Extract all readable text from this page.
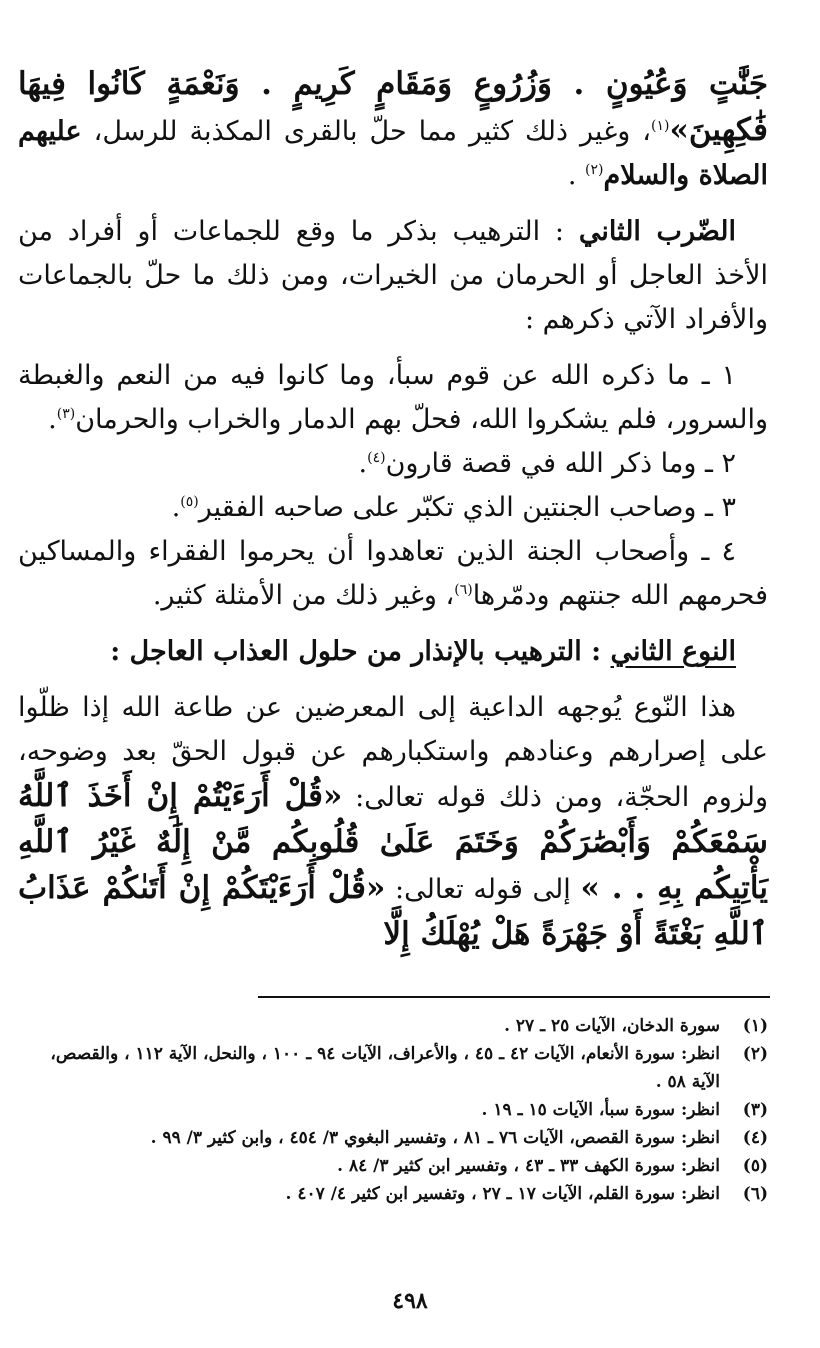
جَنَّٰتٍ وَعُيُونٍ . وَزُرُوعٍ وَمَقَامٍ كَرِيمٍ . وَنَعْمَةٍ كَانُوا فِيهَا فَٰكِهِينَ»$^{(١)}$، وغير ذلك كثير مما حلّ بالقرى المكذبة للرسل، عليهم الصلاة والسلام$^{(٢)}$ .

الضّرب الثاني : الترهيب بذكر ما وقع للجماعات أو أفراد من الأخذ العاجل أو الحرمان من الخيرات، ومن ذلك ما حلّ بالجماعات والأفراد الآتي ذكرهم :

١ ـ ما ذكره الله عن قوم سبأ، وما كانوا فيه من النعم والغبطة والسرور، فلم يشكروا الله، فحلّ بهم الدمار والخراب والحرمان$^{(٣)}$.

٢ ـ وما ذكر الله في قصة قارون$^{(٤)}$.

٣ ـ وصاحب الجنتين الذي تكبّر على صاحبه الفقير$^{(٥)}$.

٤ ـ وأصحاب الجنة الذين تعاهدوا أن يحرموا الفقراء والمساكين فحرمهم الله جنتهم ودمّرها$^{(٦)}$، وغير ذلك من الأمثلة كثير.

النوع الثاني : الترهيب بالإنذار من حلول العذاب العاجل :

هذا النّوع يُوجهه الداعية إلى المعرضين عن طاعة الله إذا ظلّوا على إصرارهم وعنادهم واستكبارهم عن قبول الحقّ بعد وضوحه، ولزوم الحجّة، ومن ذلك قوله تعالى: «قُلْ أَرَءَيْتُمْ إِنْ أَخَذَ ٱللَّهُ سَمْعَكُمْ وَأَبْصَٰرَكُمْ وَخَتَمَ عَلَىٰ قُلُوبِكُم مَّنْ إِلَٰهٌ غَيْرُ ٱللَّهِ يَأْتِيكُم بِهِ . . » إلى قوله تعالى: «قُلْ أَرَءَيْتَكُمْ إِنْ أَتَىٰكُمْ عَذَابُ ٱللَّهِ بَغْتَةً أَوْ جَهْرَةً هَلْ يُهْلَكُ إِلَّا

(١)
سورة الدخان، الآيات ٢٥ ـ ٢٧ .
(٢)
انظر: سورة الأنعام، الآيات ٤٢ ـ ٤٥ ، والأعراف، الآيات ٩٤ ـ ١٠٠ ، والنحل، الآية ١١٢ ، والقصص، الآية ٥٨ .
(٣)
انظر: سورة سبأ، الآيات ١٥ ـ ١٩ .
(٤)
انظر: سورة القصص، الآيات ٧٦ ـ ٨١ ، وتفسير البغوي ٣/ ٤٥٤ ، وابن كثير ٣/ ٩٩ .
(٥)
انظر: سورة الكهف ٣٣ ـ ٤٣ ، وتفسير ابن كثير ٣/ ٨٤ .
(٦)
انظر: سورة القلم، الآيات ١٧ ـ ٢٧ ، وتفسير ابن كثير ٤/ ٤٠٧ .
٤٩٨
